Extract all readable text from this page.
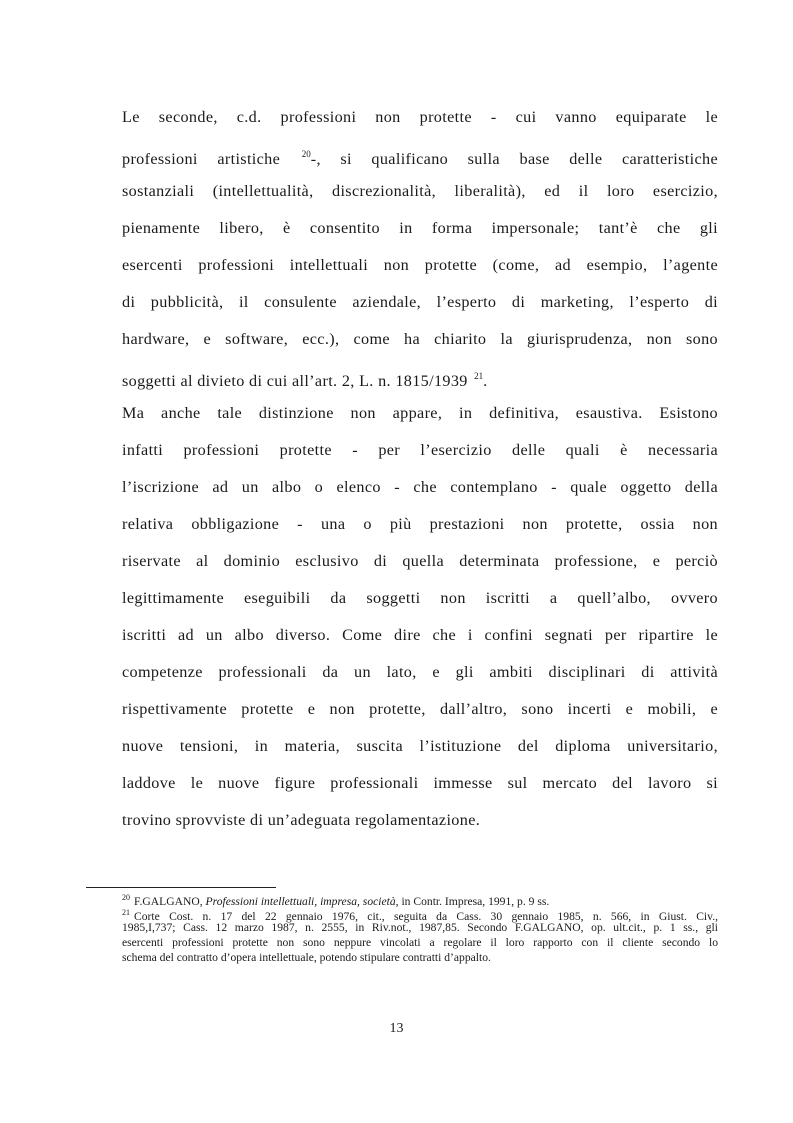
Le seconde, c.d. professioni non protette - cui vanno equiparate le
professioni artistiche $^{20}$-, si qualificano sulla base delle caratteristiche
sostanziali (intellettualità, discrezionalità, liberalità), ed il loro esercizio,
pienamente libero, è consentito in forma impersonale; tant’è che gli
esercenti professioni intellettuali non protette (come, ad esempio, l’agente
di pubblicità, il consulente aziendale, l’esperto di marketing, l’esperto di
hardware, e software, ecc.), come ha chiarito la giurisprudenza, non sono
soggetti al divieto di cui all’art. 2, L. n. 1815/1939 $^{21}$.
Ma anche tale distinzione non appare, in definitiva, esaustiva. Esistono
infatti professioni protette - per l’esercizio delle quali è necessaria
l’iscrizione ad un albo o elenco - che contemplano - quale oggetto della
relativa obbligazione - una o più prestazioni non protette, ossia non
riservate al dominio esclusivo di quella determinata professione, e perciò
legittimamente eseguibili da soggetti non iscritti a quell’albo, ovvero
iscritti ad un albo diverso. Come dire che i confini segnati per ripartire le
competenze professionali da un lato, e gli ambiti disciplinari di attività
rispettivamente protette e non protette, dall’altro, sono incerti e mobili, e
nuove tensioni, in materia, suscita l’istituzione del diploma universitario,
laddove le nuove figure professionali immesse sul mercato del lavoro si
trovino sprovviste di un’adeguata regolamentazione.
$^{20}$ F.GALGANO, Professioni intellettuali, impresa, società, in Contr. Impresa, 1991, p. 9 ss.
$^{21}$ Corte Cost. n. 17 del 22 gennaio 1976, cit., seguita da Cass. 30 gennaio 1985, n. 566, in Giust. Civ.,
1985,I,737; Cass. 12 marzo 1987, n. 2555, in Riv.not., 1987,85. Secondo F.GALGANO, op. ult.cit., p. 1 ss., gli
esercenti professioni protette non sono neppure vincolati a regolare il loro rapporto con il cliente secondo lo
schema del contratto d’opera intellettuale, potendo stipulare contratti d’appalto.
13
